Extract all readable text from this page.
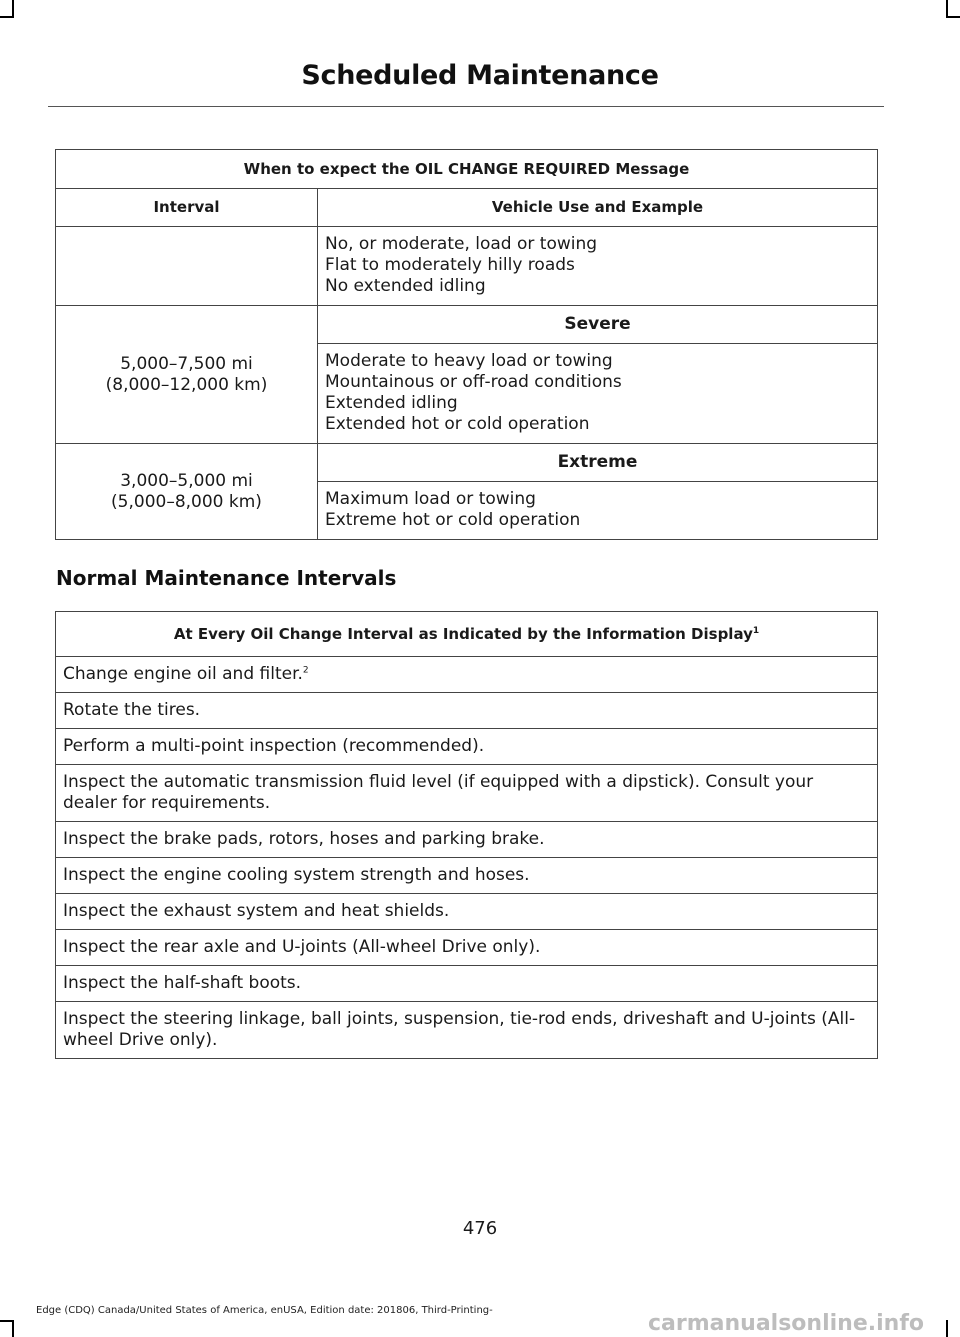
Scheduled Maintenance
When to expect the OIL CHANGE REQUIRED Message	
Interval	Vehicle Use and Example

	No, or moderate, load or towing
Flat to moderately hilly roads
No extended idling

5,000–7,500 mi
(8,000–12,000 km)	Severe

	Moderate to heavy load or towing
Mountainous or off-road conditions
Extended idling
Extended hot or cold operation

3,000–5,000 mi
(5,000–8,000 km)	Extreme

	Maximum load or towing
Extreme hot or cold operation
Normal Maintenance Intervals
At Every Oil Change Interval as Indicated by the Information Display$^1$
Change engine oil and filter.$^2$
Rotate the tires.
Perform a multi-point inspection (recommended).
Inspect the automatic transmission fluid level (if equipped with a dipstick). Consult your dealer for requirements.
Inspect the brake pads, rotors, hoses and parking brake.
Inspect the engine cooling system strength and hoses.
Inspect the exhaust system and heat shields.
Inspect the rear axle and U-joints (All-wheel Drive only).
Inspect the half-shaft boots.
Inspect the steering linkage, ball joints, suspension, tie-rod ends, driveshaft and U-joints (All-wheel Drive only).
476
Edge (CDQ) Canada/United States of America, enUSA, Edition date: 201806, Third-Printing-
carmanualsonline.info
